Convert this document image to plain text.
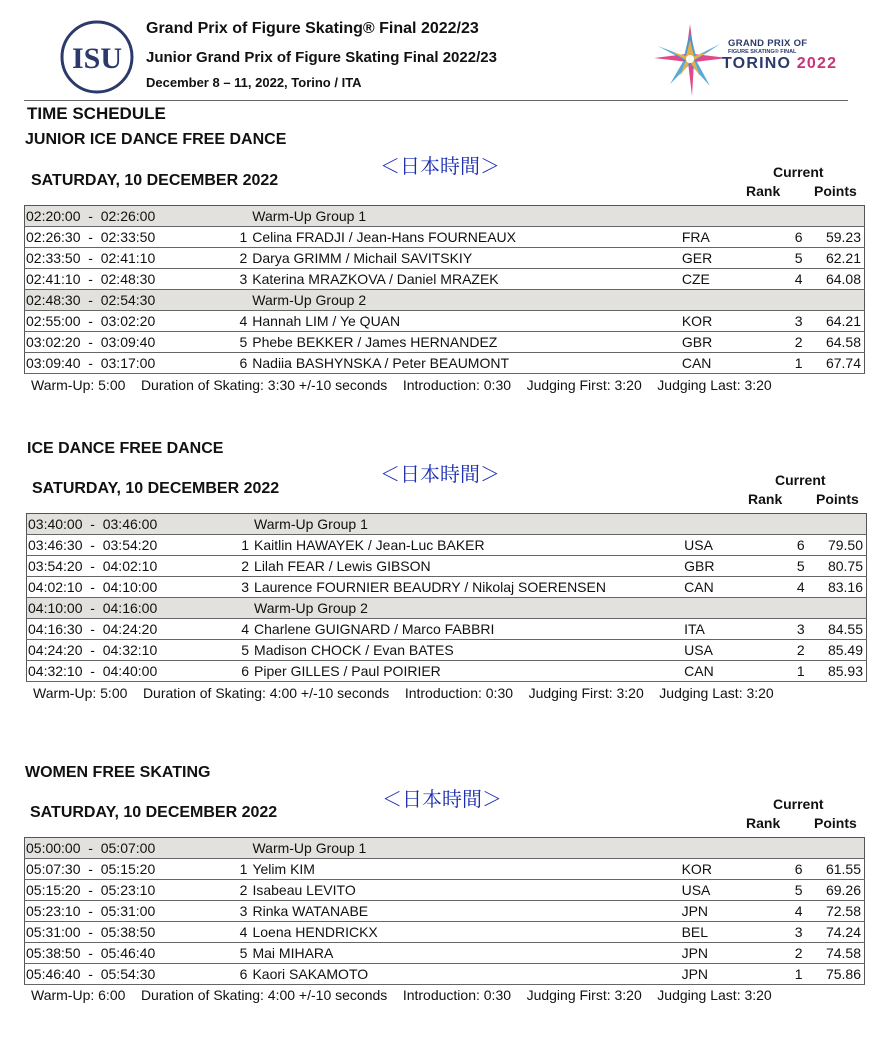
ISU
Grand Prix of Figure Skating® Final 2022/23
Junior Grand Prix of Figure Skating Final 2022/23
December 8 – 11, 2022, Torino / ITA
GRAND PRIX OF
FIGURE SKATING® FINAL
TORINO 2022
TIME SCHEDULE
JUNIOR ICE DANCE FREE DANCE
＜日本時間＞
SATURDAY, 10 DECEMBER 2022	Current
Rank Points
02:20:00  -  02:26:00		Warm-Up Group 1			
02:26:30  -  02:33:50	1	Celina FRADJI / Jean-Hans FOURNEAUX	FRA	6	59.23
02:33:50  -  02:41:10	2	Darya GRIMM / Michail SAVITSKIY	GER	5	62.21
02:41:10  -  02:48:30	3	Katerina MRAZKOVA / Daniel MRAZEK	CZE	4	64.08
02:48:30  -  02:54:30		Warm-Up Group 2			
02:55:00  -  03:02:20	4	Hannah LIM / Ye QUAN	KOR	3	64.21
03:02:20  -  03:09:40	5	Phebe BEKKER / James HERNANDEZ	GBR	2	64.58
03:09:40  -  03:17:00	6	Nadiia BASHYNSKA / Peter BEAUMONT	CAN	1	67.74
Warm-Up: 5:00    Duration of Skating: 3:30 +/-10 seconds    Introduction: 0:30    Judging First: 3:20    Judging Last: 3:20
ICE DANCE FREE DANCE
＜日本時間＞
SATURDAY, 10 DECEMBER 2022	Current
Rank Points
03:40:00  -  03:46:00		Warm-Up Group 1			
03:46:30  -  03:54:20	1	Kaitlin HAWAYEK / Jean-Luc BAKER	USA	6	79.50
03:54:20  -  04:02:10	2	Lilah FEAR / Lewis GIBSON	GBR	5	80.75
04:02:10  -  04:10:00	3	Laurence FOURNIER BEAUDRY / Nikolaj SOERENSEN	CAN	4	83.16
04:10:00  -  04:16:00		Warm-Up Group 2			
04:16:30  -  04:24:20	4	Charlene GUIGNARD / Marco FABBRI	ITA	3	84.55
04:24:20  -  04:32:10	5	Madison CHOCK / Evan BATES	USA	2	85.49
04:32:10  -  04:40:00	6	Piper GILLES / Paul POIRIER	CAN	1	85.93
Warm-Up: 5:00    Duration of Skating: 4:00 +/-10 seconds    Introduction: 0:30    Judging First: 3:20    Judging Last: 3:20
WOMEN FREE SKATING
＜日本時間＞
SATURDAY, 10 DECEMBER 2022	Current
Rank Points
05:00:00  -  05:07:00		Warm-Up Group 1			
05:07:30  -  05:15:20	1	Yelim KIM	KOR	6	61.55
05:15:20  -  05:23:10	2	Isabeau LEVITO	USA	5	69.26
05:23:10  -  05:31:00	3	Rinka WATANABE	JPN	4	72.58
05:31:00  -  05:38:50	4	Loena HENDRICKX	BEL	3	74.24
05:38:50  -  05:46:40	5	Mai MIHARA	JPN	2	74.58
05:46:40  -  05:54:30	6	Kaori SAKAMOTO	JPN	1	75.86
Warm-Up: 6:00    Duration of Skating: 4:00 +/-10 seconds    Introduction: 0:30    Judging First: 3:20    Judging Last: 3:20
